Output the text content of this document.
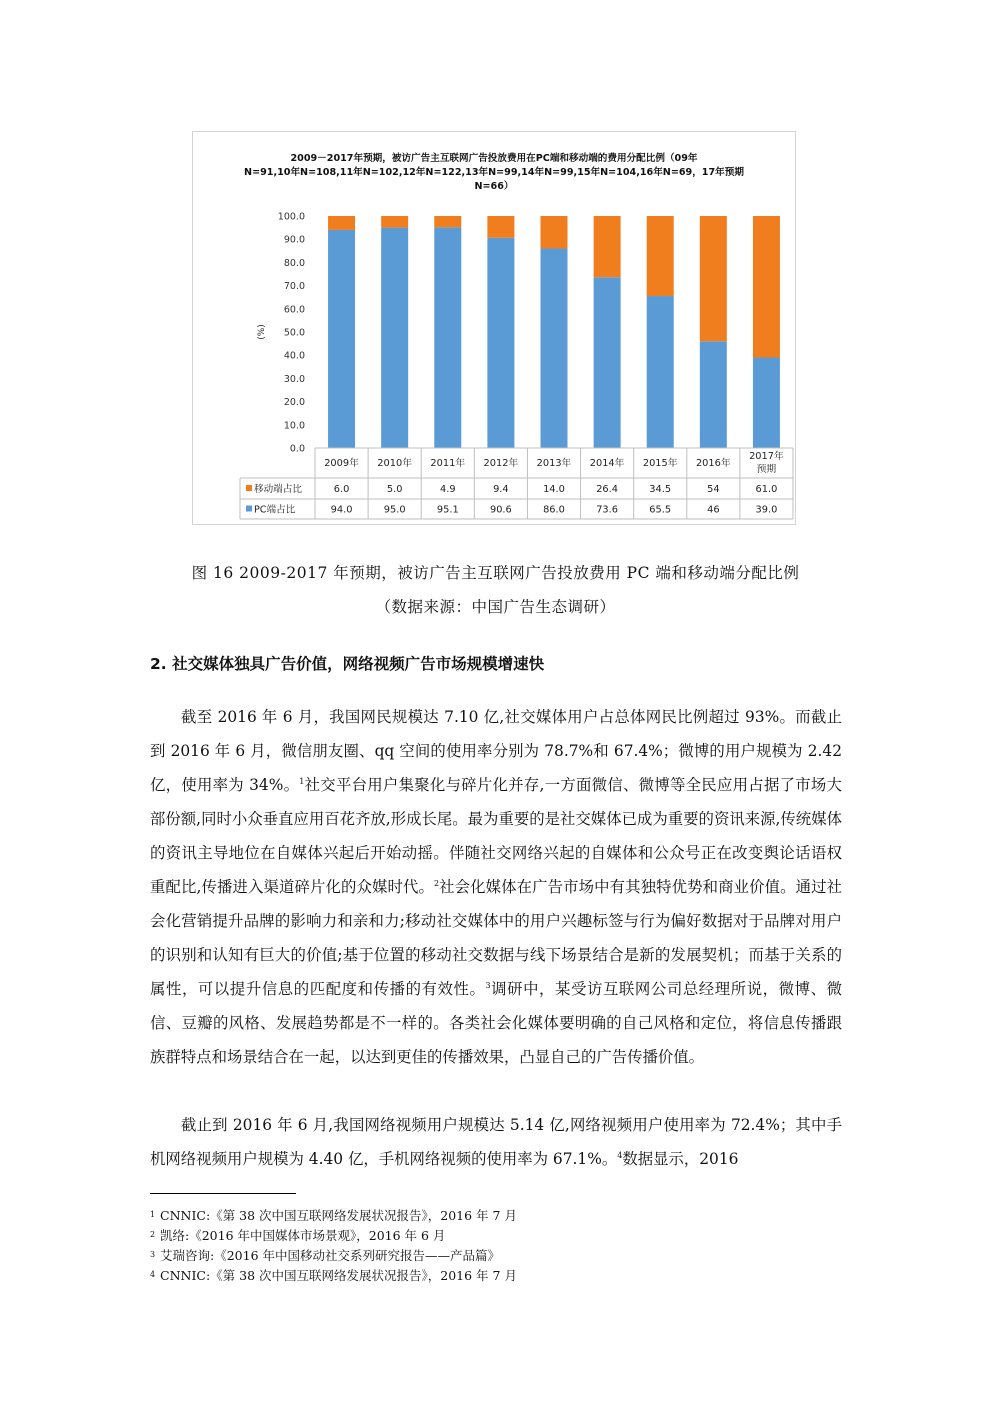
2009－2017年预期，被访广告主互联网广告投放费用在PC端和移动端的费用分配比例（09年
N=91,10年N=108,11年N=102,12年N=122,13年N=99,14年N=99,15年N=104,16年N=69，17年预期
N=66）
(%)
0.0
10.0
20.0
30.0
40.0
50.0
60.0
70.0
80.0
90.0
100.0
2009年 2010年 2011年 2012年 2013年 2014年 2015年 2016年
2017年
预期
移动端占比	6.0	5.0	4.9	9.4	14.0	26.4	34.5	54	61.0
PC端占比	94.0	95.0	95.1	90.6	86.0	73.6	65.5	46	39.0
图 16 2009-2017 年预期，被访广告主互联网广告投放费用 PC 端和移动端分配比例
（数据来源：中国广告生态调研）
2. 社交媒体独具广告价值，网络视频广告市场规模增速快

截至 2016 年 6 月，我国网民规模达 7.10 亿,社交媒体用户占总体网民比例超过 93%。而截止到 2016 年 6 月，微信朋友圈、qq 空间的使用率分别为 78.7%和 67.4%；微博的用户规模为 2.42 亿，使用率为 34%。$^1$社交平台用户集聚化与碎片化并存,一方面微信、微博等全民应用占据了市场大部份额,同时小众垂直应用百花齐放,形成长尾。最为重要的是社交媒体已成为重要的资讯来源,传统媒体的资讯主导地位在自媒体兴起后开始动摇。伴随社交网络兴起的自媒体和公众号正在改变舆论话语权重配比,传播进入渠道碎片化的众媒时代。$^2$社会化媒体在广告市场中有其独特优势和商业价值。通过社会化营销提升品牌的影响力和亲和力;移动社交媒体中的用户兴趣标签与行为偏好数据对于品牌对用户的识别和认知有巨大的价值;基于位置的移动社交数据与线下场景结合是新的发展契机；而基于关系的属性，可以提升信息的匹配度和传播的有效性。$^3$调研中，某受访互联网公司总经理所说，微博、微信、豆瓣的风格、发展趋势都是不一样的。各类社会化媒体要明确的自己风格和定位，将信息传播跟族群特点和场景结合在一起，以达到更佳的传播效果，凸显自己的广告传播价值。

截止到 2016 年 6 月,我国网络视频用户规模达 5.14 亿,网络视频用户使用率为 72.4%；其中手机网络视频用户规模为 4.40 亿，手机网络视频的使用率为 67.1%。$^4$数据显示，2016

1 CNNIC:《第 38 次中国互联网络发展状况报告》，2016 年 7 月
2 凯络:《2016 年中国媒体市场景观》，2016 年 6 月
3 艾瑞咨询:《2016 年中国移动社交系列研究报告——产品篇》
4 CNNIC:《第 38 次中国互联网络发展状况报告》，2016 年 7 月
